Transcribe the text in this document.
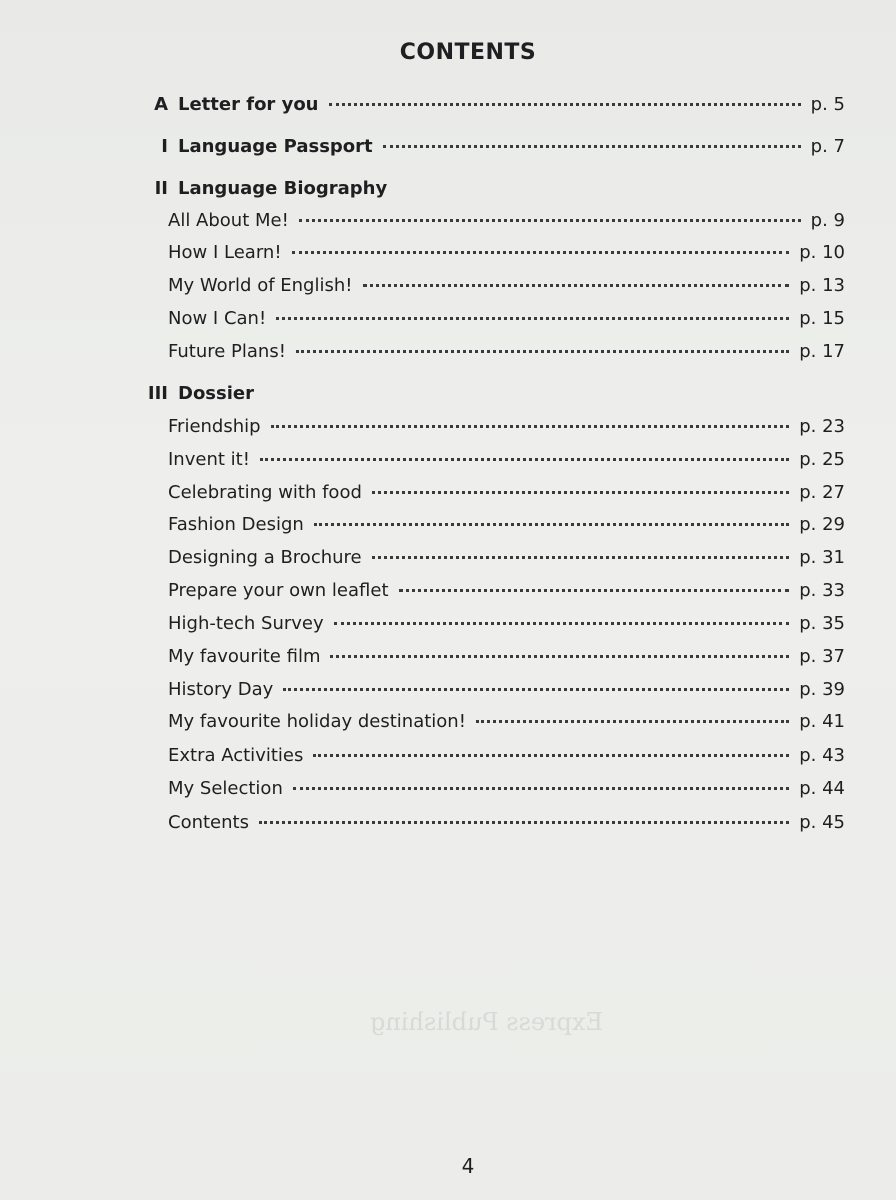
CONTENTS
A Letter for you	p. 5
I Language Passport	p. 7
II Language Biography
All About Me!	p. 9
How I Learn!	p. 10
My World of English!	p. 13
Now I Can!	p. 15
Future Plans!	p. 17
III Dossier
Friendship	p. 23
Invent it!	p. 25
Celebrating with food	p. 27
Fashion Design	p. 29
Designing a Brochure	p. 31
Prepare your own leaflet	p. 33
High-tech Survey	p. 35
My favourite film	p. 37
History Day	p. 39
My favourite holiday destination!	p. 41
Extra Activities	p. 43
My Selection	p. 44
Contents	p. 45
Express Publishing
4
